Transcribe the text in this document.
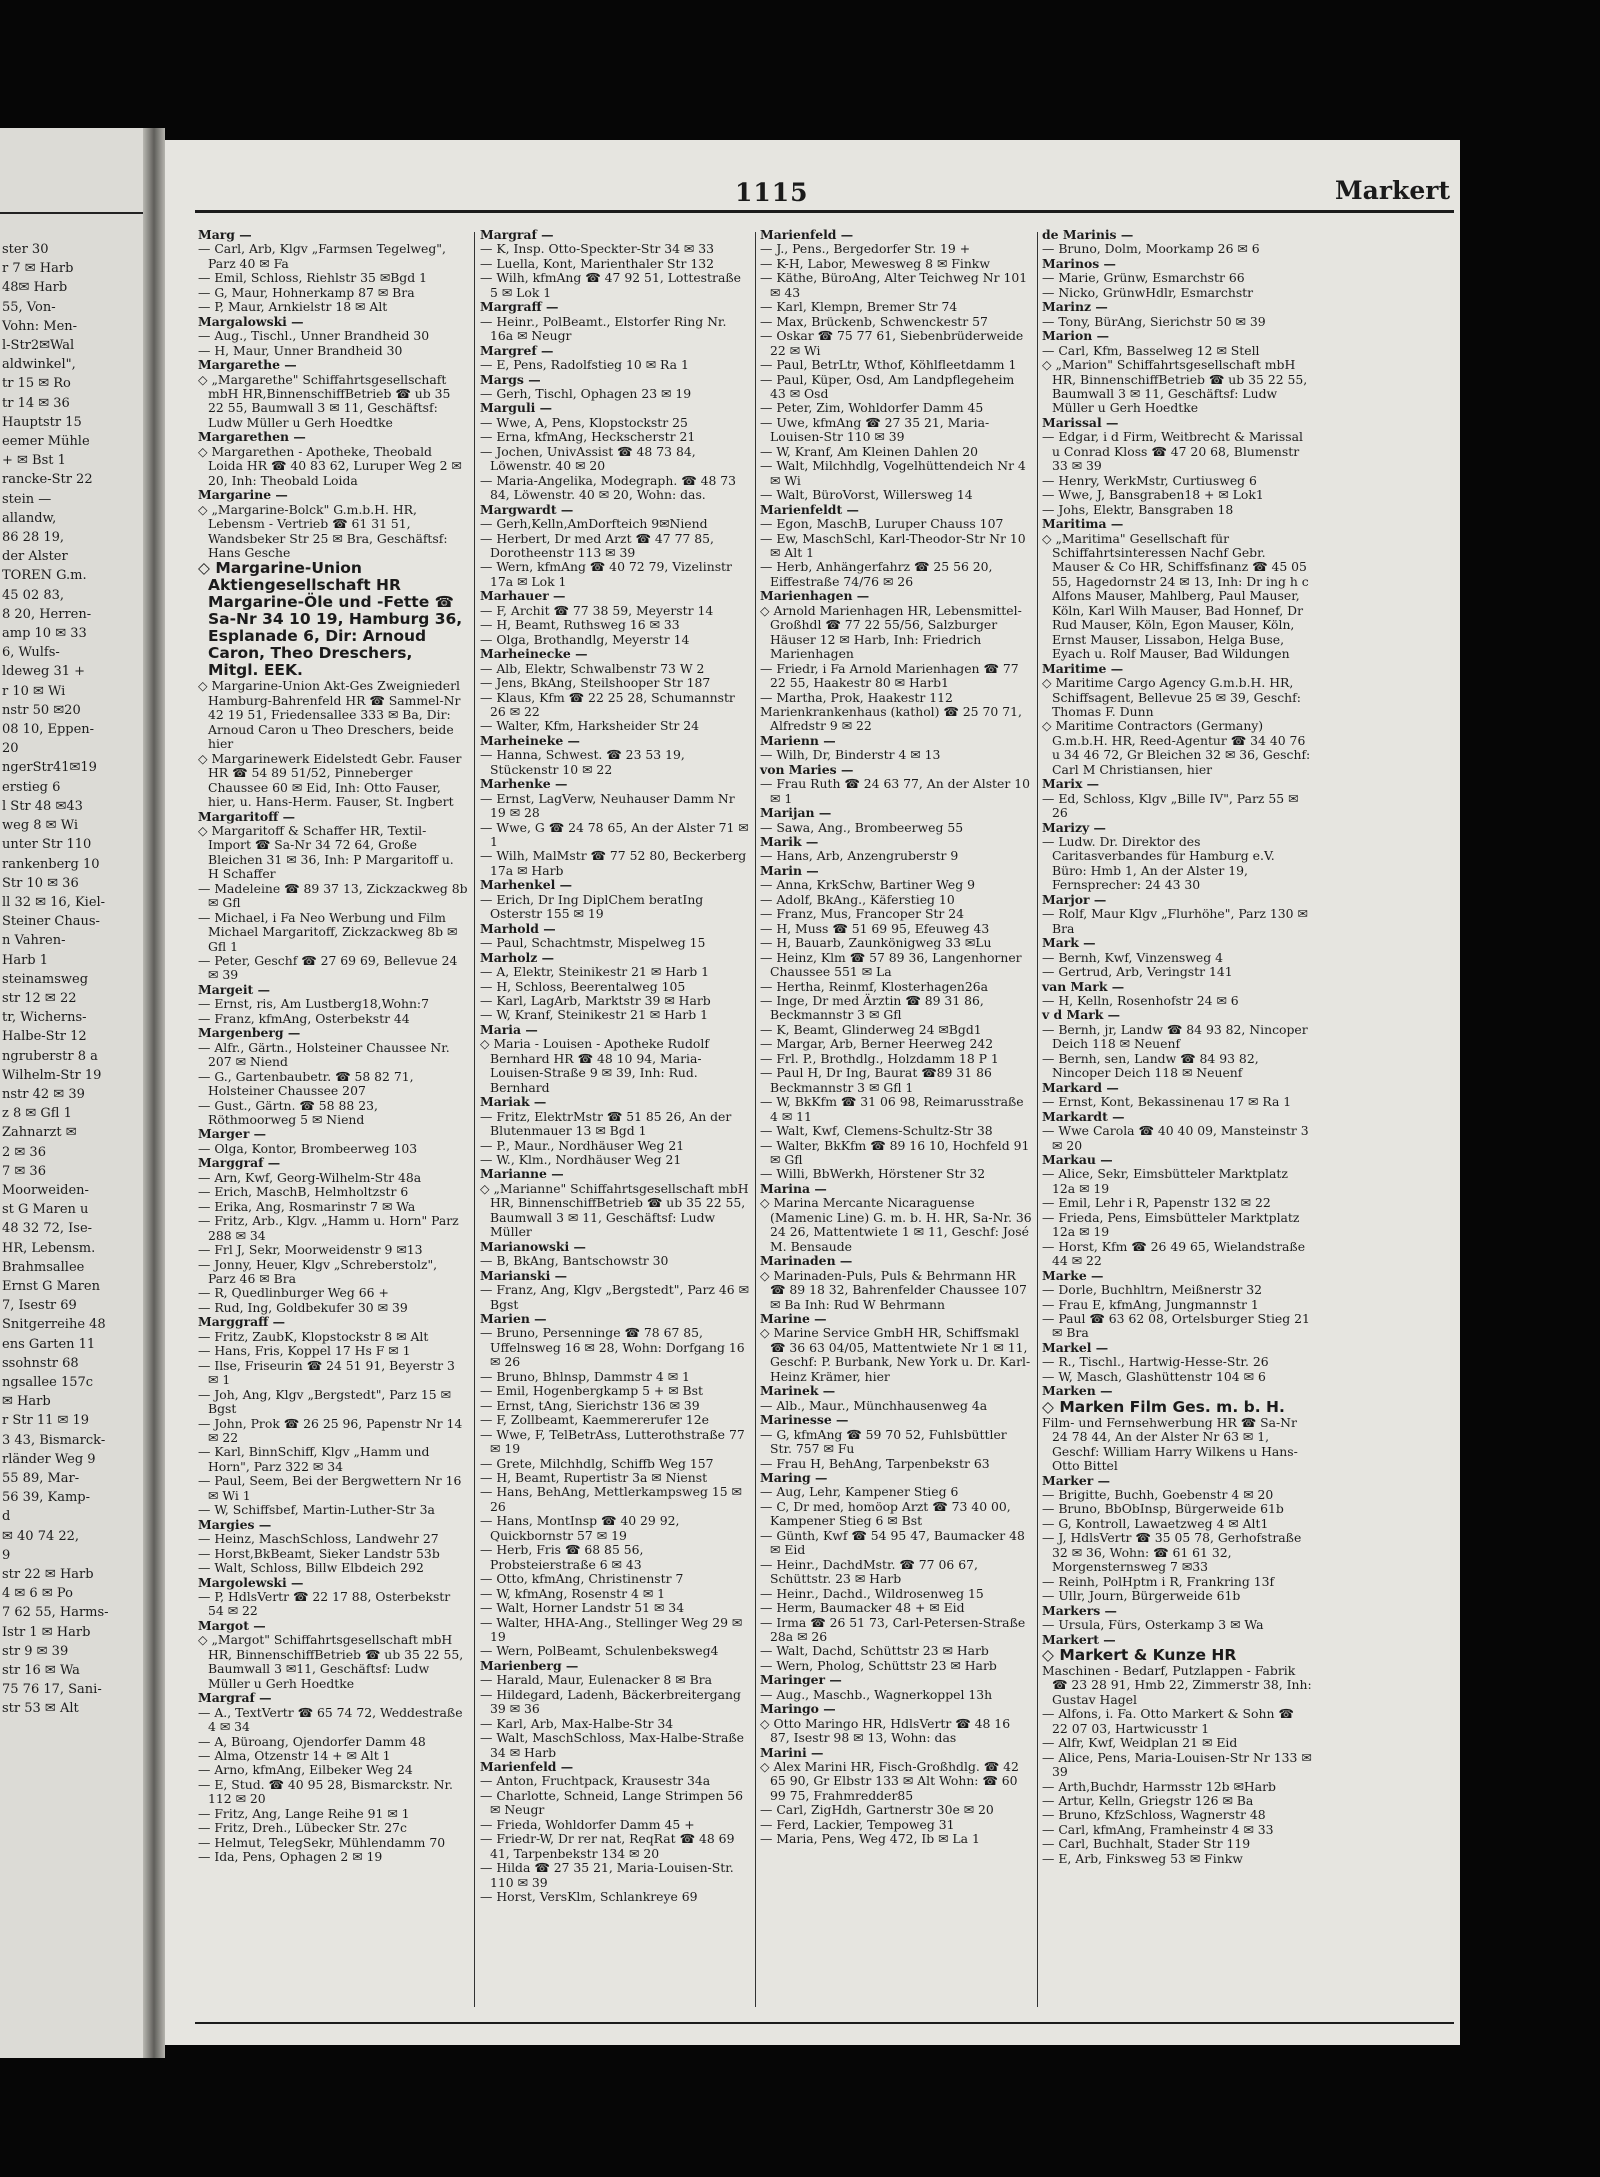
ster 30
r 7 ✉ Harb
48✉ Harb
55, Von-
Vohn: Men-
l-Str2✉Wal
aldwinkel",
tr 15 ✉ Ro
tr 14 ✉ 36
Hauptstr 15
eemer Mühle
+ ✉ Bst 1
rancke-Str 22
stein —
allandw,
86 28 19,
der Alster
TOREN G.m.
45 02 83,
8 20, Herren-
amp 10 ✉ 33
6, Wulfs-
ldeweg 31 +
r 10 ✉ Wi
nstr 50 ✉20
08 10, Eppen-
20
ngerStr41✉19
erstieg 6
l Str 48 ✉43
weg 8 ✉ Wi
unter Str 110
rankenberg 10
Str 10 ✉ 36
ll 32 ✉ 16, Kiel-
Steiner Chaus-
n Vahren-
Harb 1
steinamsweg
str 12 ✉ 22
tr, Wicherns-
Halbe-Str 12
ngruberstr 8 a
Wilhelm-Str 19
nstr 42 ✉ 39
z 8 ✉ Gfl 1
Zahnarzt ✉
2 ✉ 36
7 ✉ 36
Moorweiden-
st G Maren u
48 32 72, Ise-
HR, Lebensm.
Brahmsallee
Ernst G Maren
7, Isestr 69
Snitgerreihe 48
ens Garten 11
ssohnstr 68
ngsallee 157c
✉ Harb
r Str 11 ✉ 19
3 43, Bismarck-
rländer Weg 9
55 89, Mar-
56 39, Kamp-
d
✉ 40 74 22,
9
str 22 ✉ Harb
4 ✉ 6 ✉ Po
7 62 55, Harms-
Istr 1 ✉ Harb
str 9 ✉ 39
str 16 ✉ Wa
75 76 17, Sani-
str 53 ✉ Alt
1115	Markert
Marg —
— Carl, Arb, Klgv „Farmsen Tegelweg", Parz 40 ✉ Fa
— Emil, Schloss, Riehlstr 35 ✉Bgd 1
— G, Maur, Hohnerkamp 87 ✉ Bra
— P, Maur, Arnkielstr 18 ✉ Alt
Margalowski —
— Aug., Tischl., Unner Brandheid 30
— H, Maur, Unner Brandheid 30
Margarethe —
◇ „Margarethe" Schiffahrtsgesellschaft mbH HR,BinnenschiffBetrieb ☎ ub 35 22 55, Baumwall 3 ✉ 11, Geschäftsf: Ludw Müller u Gerh Hoedtke
Margarethen —
◇ Margarethen - Apotheke, Theobald Loida HR ☎ 40 83 62, Luruper Weg 2 ✉ 20, Inh: Theobald Loida
Margarine —
◇ „Margarine-Bolck" G.m.b.H. HR, Lebensm - Vertrieb ☎ 61 31 51, Wandsbeker Str 25 ✉ Bra, Geschäftsf: Hans Gesche
◇ Margarine-Union Aktiengesellschaft HR Margarine-Öle und -Fette ☎ Sa-Nr 34 10 19, Hamburg 36, Esplanade 6, Dir: Arnoud Caron, Theo Dreschers, Mitgl. EEK.
◇ Margarine-Union Akt-Ges Zweigniederl Hamburg-Bahrenfeld HR ☎ Sammel-Nr 42 19 51, Friedensallee 333 ✉ Ba, Dir: Arnoud Caron u Theo Dreschers, beide hier
◇ Margarinewerk Eidelstedt Gebr. Fauser HR ☎ 54 89 51/52, Pinneberger Chaussee 60 ✉ Eid, Inh: Otto Fauser, hier, u. Hans-Herm. Fauser, St. Ingbert
Margaritoff —
◇ Margaritoff & Schaffer HR, Textil-Import ☎ Sa-Nr 34 72 64, Große Bleichen 31 ✉ 36, Inh: P Margaritoff u. H Schaffer
— Madeleine ☎ 89 37 13, Zickzackweg 8b ✉ Gfl
— Michael, i Fa Neo Werbung und Film Michael Margaritoff, Zickzackweg 8b ✉ Gfl 1
— Peter, Geschf ☎ 27 69 69, Bellevue 24 ✉ 39
Margeit —
— Ernst, ris, Am Lustberg18,Wohn:7
— Franz, kfmAng, Osterbekstr 44
Margenberg —
— Alfr., Gärtn., Holsteiner Chaussee Nr. 207 ✉ Niend
— G., Gartenbaubetr. ☎ 58 82 71, Holsteiner Chaussee 207
— Gust., Gärtn. ☎ 58 88 23, Röthmoorweg 5 ✉ Niend
Marger —
— Olga, Kontor, Brombeerweg 103
Marggraf —
— Arn, Kwf, Georg-Wilhelm-Str 48a
— Erich, MaschB, Helmholtzstr 6
— Erika, Ang, Rosmarinstr 7 ✉ Wa
— Fritz, Arb., Klgv. „Hamm u. Horn" Parz 288 ✉ 34
— Frl J, Sekr, Moorweidenstr 9 ✉13
— Jonny, Heuer, Klgv „Schreberstolz", Parz 46 ✉ Bra
— R, Quedlinburger Weg 66 +
— Rud, Ing, Goldbekufer 30 ✉ 39
Marggraff —
— Fritz, ZaubK, Klopstockstr 8 ✉ Alt
— Hans, Fris, Koppel 17 Hs F ✉ 1
— Ilse, Friseurin ☎ 24 51 91, Beyerstr 3 ✉ 1
— Joh, Ang, Klgv „Bergstedt", Parz 15 ✉ Bgst
— John, Prok ☎ 26 25 96, Papenstr Nr 14 ✉ 22
— Karl, BinnSchiff, Klgv „Hamm und Horn", Parz 322 ✉ 34
— Paul, Seem, Bei der Bergwettern Nr 16 ✉ Wi 1
— W, Schiffsbef, Martin-Luther-Str 3a
Margies —
— Heinz, MaschSchloss, Landwehr 27
— Horst,BkBeamt, Sieker Landstr 53b
— Walt, Schloss, Billw Elbdeich 292
Margolewski —
— P, HdlsVertr ☎ 22 17 88, Osterbekstr 54 ✉ 22
Margot —
◇ „Margot" Schiffahrtsgesellschaft mbH HR, BinnenschiffBetrieb ☎ ub 35 22 55, Baumwall 3 ✉11, Geschäftsf: Ludw Müller u Gerh Hoedtke
Margraf —
— A., TextVertr ☎ 65 74 72, Weddestraße 4 ✉ 34
— A, Büroang, Ojendorfer Damm 48
— Alma, Otzenstr 14 + ✉ Alt 1
— Arno, kfmAng, Eilbeker Weg 24
— E, Stud. ☎ 40 95 28, Bismarckstr. Nr. 112 ✉ 20
— Fritz, Ang, Lange Reihe 91 ✉ 1
— Fritz, Dreh., Lübecker Str. 27c
— Helmut, TelegSekr, Mühlendamm 70
— Ida, Pens, Ophagen 2 ✉ 19
Margraf —
— K, Insp. Otto-Speckter-Str 34 ✉ 33
— Luella, Kont, Marienthaler Str 132
— Wilh, kfmAng ☎ 47 92 51, Lottestraße 5 ✉ Lok 1
Margraff —
— Heinr., PolBeamt., Elstorfer Ring Nr. 16a ✉ Neugr
Margref —
— E, Pens, Radolfstieg 10 ✉ Ra 1
Margs —
— Gerh, Tischl, Ophagen 23 ✉ 19
Marguli —
— Wwe, A, Pens, Klopstockstr 25
— Erna, kfmAng, Heckscherstr 21
— Jochen, UnivAssist ☎ 48 73 84, Löwenstr. 40 ✉ 20
— Maria-Angelika, Modegraph. ☎ 48 73 84, Löwenstr. 40 ✉ 20, Wohn: das.
Margwardt —
— Gerh,Kelln,AmDorfteich 9✉Niend
— Herbert, Dr med Arzt ☎ 47 77 85, Dorotheenstr 113 ✉ 39
— Wern, kfmAng ☎ 40 72 79, Vizelinstr 17a ✉ Lok 1
Marhauer —
— F, Archit ☎ 77 38 59, Meyerstr 14
— H, Beamt, Ruthsweg 16 ✉ 33
— Olga, Brothandlg, Meyerstr 14
Marheinecke —
— Alb, Elektr, Schwalbenstr 73 W 2
— Jens, BkAng, Steilshooper Str 187
— Klaus, Kfm ☎ 22 25 28, Schumannstr 26 ✉ 22
— Walter, Kfm, Harksheider Str 24
Marheineke —
— Hanna, Schwest. ☎ 23 53 19, Stückenstr 10 ✉ 22
Marhenke —
— Ernst, LagVerw, Neuhauser Damm Nr 19 ✉ 28
— Wwe, G ☎ 24 78 65, An der Alster 71 ✉ 1
— Wilh, MalMstr ☎ 77 52 80, Beckerberg 17a ✉ Harb
Marhenkel —
— Erich, Dr Ing DiplChem beratIng Osterstr 155 ✉ 19
Marhold —
— Paul, Schachtmstr, Mispelweg 15
Marholz —
— A, Elektr, Steinikestr 21 ✉ Harb 1
— H, Schloss, Beerentalweg 105
— Karl, LagArb, Marktstr 39 ✉ Harb
— W, Kranf, Steinikestr 21 ✉ Harb 1
Maria —
◇ Maria - Louisen - Apotheke Rudolf Bernhard HR ☎ 48 10 94, Maria-Louisen-Straße 9 ✉ 39, Inh: Rud. Bernhard
Mariak —
— Fritz, ElektrMstr ☎ 51 85 26, An der Blutenmauer 13 ✉ Bgd 1
— P., Maur., Nordhäuser Weg 21
— W., Klm., Nordhäuser Weg 21
Marianne —
◇ „Marianne" Schiffahrtsgesellschaft mbH HR, BinnenschiffBetrieb ☎ ub 35 22 55, Baumwall 3 ✉ 11, Geschäftsf: Ludw Müller
Marianowski —
— B, BkAng, Bantschowstr 30
Marianski —
— Franz, Ang, Klgv „Bergstedt", Parz 46 ✉ Bgst
Marien —
— Bruno, Persenninge ☎ 78 67 85, Uffelnsweg 16 ✉ 28, Wohn: Dorfgang 16 ✉ 26
— Bruno, Bhlnsp, Dammstr 4 ✉ 1
— Emil, Hogenbergkamp 5 + ✉ Bst
— Ernst, tAng, Sierichstr 136 ✉ 39
— F, Zollbeamt, Kaemmererufer 12e
— Wwe, F, TelBetrAss, Lutterothstraße 77 ✉ 19
— Grete, Milchhdlg, Schiffb Weg 157
— H, Beamt, Rupertistr 3a ✉ Nienst
— Hans, BehAng, Mettlerkampsweg 15 ✉ 26
— Hans, MontInsp ☎ 40 29 92, Quickbornstr 57 ✉ 19
— Herb, Fris ☎ 68 85 56, Probsteierstraße 6 ✉ 43
— Otto, kfmAng, Christinenstr 7
— W, kfmAng, Rosenstr 4 ✉ 1
— Walt, Horner Landstr 51 ✉ 34
— Walter, HHA-Ang., Stellinger Weg 29 ✉ 19
— Wern, PolBeamt, Schulenbeksweg4
Marienberg —
— Harald, Maur, Eulenacker 8 ✉ Bra
— Hildegard, Ladenh, Bäckerbreitergang 39 ✉ 36
— Karl, Arb, Max-Halbe-Str 34
— Walt, MaschSchloss, Max-Halbe-Straße 34 ✉ Harb
Marienfeld —
— Anton, Fruchtpack, Krausestr 34a
— Charlotte, Schneid, Lange Strimpen 56 ✉ Neugr
— Frieda, Wohldorfer Damm 45 +
— Friedr-W, Dr rer nat, ReqRat ☎ 48 69 41, Tarpenbekstr 134 ✉ 20
— Hilda ☎ 27 35 21, Maria-Louisen-Str. 110 ✉ 39
— Horst, VersKlm, Schlankreye 69
Marienfeld —
— J., Pens., Bergedorfer Str. 19 +
— K-H, Labor, Mewesweg 8 ✉ Finkw
— Käthe, BüroAng, Alter Teichweg Nr 101 ✉ 43
— Karl, Klempn, Bremer Str 74
— Max, Brückenb, Schwenckestr 57
— Oskar ☎ 75 77 61, Siebenbrüderweide 22 ✉ Wi
— Paul, BetrLtr, Wthof, Köhlfleetdamm 1
— Paul, Küper, Osd, Am Landpflegeheim 43 ✉ Osd
— Peter, Zim, Wohldorfer Damm 45
— Uwe, kfmAng ☎ 27 35 21, Maria-Louisen-Str 110 ✉ 39
— W, Kranf, Am Kleinen Dahlen 20
— Walt, Milchhdlg, Vogelhüttendeich Nr 4 ✉ Wi
— Walt, BüroVorst, Willersweg 14
Marienfeldt —
— Egon, MaschB, Luruper Chauss 107
— Ew, MaschSchl, Karl-Theodor-Str Nr 10 ✉ Alt 1
— Herb, Anhängerfahrz ☎ 25 56 20, Eiffestraße 74/76 ✉ 26
Marienhagen —
◇ Arnold Marienhagen HR, Lebensmittel-Großhdl ☎ 77 22 55/56, Salzburger Häuser 12 ✉ Harb, Inh: Friedrich Marienhagen
— Friedr, i Fa Arnold Marienhagen ☎ 77 22 55, Haakestr 80 ✉ Harb1
— Martha, Prok, Haakestr 112
Marienkrankenhaus (kathol) ☎ 25 70 71, Alfredstr 9 ✉ 22
Marienn —
— Wilh, Dr, Binderstr 4 ✉ 13
von Maries —
— Frau Ruth ☎ 24 63 77, An der Alster 10 ✉ 1
Marijan —
— Sawa, Ang., Brombeerweg 55
Marik —
— Hans, Arb, Anzengruberstr 9
Marin —
— Anna, KrkSchw, Bartiner Weg 9
— Adolf, BkAng., Käferstieg 10
— Franz, Mus, Francoper Str 24
— H, Muss ☎ 51 69 95, Efeuweg 43
— H, Bauarb, Zaunkönigweg 33 ✉Lu
— Heinz, Klm ☎ 57 89 36, Langenhorner Chaussee 551 ✉ La
— Hertha, Reinmf, Klosterhagen26a
— Inge, Dr med Ärztin ☎ 89 31 86, Beckmannstr 3 ✉ Gfl
— K, Beamt, Glinderweg 24 ✉Bgd1
— Margar, Arb, Berner Heerweg 242
— Frl. P., Brothdlg., Holzdamm 18 P 1
— Paul H, Dr Ing, Baurat ☎89 31 86 Beckmannstr 3 ✉ Gfl 1
— W, BkKfm ☎ 31 06 98, Reimarusstraße 4 ✉ 11
— Walt, Kwf, Clemens-Schultz-Str 38
— Walter, BkKfm ☎ 89 16 10, Hochfeld 91 ✉ Gfl
— Willi, BbWerkh, Hörstener Str 32
Marina —
◇ Marina Mercante Nicaraguense (Mamenic Line) G. m. b. H. HR, Sa-Nr. 36 24 26, Mattentwiete 1 ✉ 11, Geschf: José M. Bensaude
Marinaden —
◇ Marinaden-Puls, Puls & Behrmann HR ☎ 89 18 32, Bahrenfelder Chaussee 107 ✉ Ba Inh: Rud W Behrmann
Marine —
◇ Marine Service GmbH HR, Schiffsmakl ☎ 36 63 04/05, Mattentwiete Nr 1 ✉ 11, Geschf: P. Burbank, New York u. Dr. Karl-Heinz Krämer, hier
Marinek —
— Alb., Maur., Münchhausenweg 4a
Marinesse —
— G, kfmAng ☎ 59 70 52, Fuhlsbüttler Str. 757 ✉ Fu
— Frau H, BehAng, Tarpenbekstr 63
Maring —
— Aug, Lehr, Kampener Stieg 6
— C, Dr med, homöop Arzt ☎ 73 40 00, Kampener Stieg 6 ✉ Bst
— Günth, Kwf ☎ 54 95 47, Baumacker 48 ✉ Eid
— Heinr., DachdMstr. ☎ 77 06 67, Schüttstr. 23 ✉ Harb
— Heinr., Dachd., Wildrosenweg 15
— Herm, Baumacker 48 + ✉ Eid
— Irma ☎ 26 51 73, Carl-Petersen-Straße 28a ✉ 26
— Walt, Dachd, Schüttstr 23 ✉ Harb
— Wern, Pholog, Schüttstr 23 ✉ Harb
Maringer —
— Aug., Maschb., Wagnerkoppel 13h
Maringo —
◇ Otto Maringo HR, HdlsVertr ☎ 48 16 87, Isestr 98 ✉ 13, Wohn: das
Marini —
◇ Alex Marini HR, Fisch-Großhdlg. ☎ 42 65 90, Gr Elbstr 133 ✉ Alt Wohn: ☎ 60 99 75, Frahmredder85
— Carl, ZigHdh, Gartnerstr 30e ✉ 20
— Ferd, Lackier, Tempoweg 31
— Maria, Pens, Weg 472, Ib ✉ La 1
de Marinis —
— Bruno, Dolm, Moorkamp 26 ✉ 6
Marinos —
— Marie, Grünw, Esmarchstr 66
— Nicko, GrünwHdlr, Esmarchstr
Marinz —
— Tony, BürAng, Sierichstr 50 ✉ 39
Marion —
— Carl, Kfm, Basselweg 12 ✉ Stell
◇ „Marion" Schiffahrtsgesellschaft mbH HR, BinnenschiffBetrieb ☎ ub 35 22 55, Baumwall 3 ✉ 11, Geschäftsf: Ludw Müller u Gerh Hoedtke
Marissal —
— Edgar, i d Firm, Weitbrecht & Marissal u Conrad Kloss ☎ 47 20 68, Blumenstr 33 ✉ 39
— Henry, WerkMstr, Curtiusweg 6
— Wwe, J, Bansgraben18 + ✉ Lok1
— Johs, Elektr, Bansgraben 18
Maritima —
◇ „Maritima" Gesellschaft für Schiffahrtsinteressen Nachf Gebr. Mauser & Co HR, Schiffsfinanz ☎ 45 05 55, Hagedornstr 24 ✉ 13, Inh: Dr ing h c Alfons Mauser, Mahlberg, Paul Mauser, Köln, Karl Wilh Mauser, Bad Honnef, Dr Rud Mauser, Köln, Egon Mauser, Köln, Ernst Mauser, Lissabon, Helga Buse, Eyach u. Rolf Mauser, Bad Wildungen
Maritime —
◇ Maritime Cargo Agency G.m.b.H. HR, Schiffsagent, Bellevue 25 ✉ 39, Geschf: Thomas F. Dunn
◇ Maritime Contractors (Germany) G.m.b.H. HR, Reed-Agentur ☎ 34 40 76 u 34 46 72, Gr Bleichen 32 ✉ 36, Geschf: Carl M Christiansen, hier
Marix —
— Ed, Schloss, Klgv „Bille IV", Parz 55 ✉ 26
Marizy —
— Ludw. Dr. Direktor des Caritasverbandes für Hamburg e.V. Büro: Hmb 1, An der Alster 19, Fernsprecher: 24 43 30
Marjor —
— Rolf, Maur Klgv „Flurhöhe", Parz 130 ✉ Bra
Mark —
— Bernh, Kwf, Vinzensweg 4
— Gertrud, Arb, Veringstr 141
van Mark —
— H, Kelln, Rosenhofstr 24 ✉ 6
v d Mark —
— Bernh, jr, Landw ☎ 84 93 82, Nincoper Deich 118 ✉ Neuenf
— Bernh, sen, Landw ☎ 84 93 82, Nincoper Deich 118 ✉ Neuenf
Markard —
— Ernst, Kont, Bekassinenau 17 ✉ Ra 1
Markardt —
— Wwe Carola ☎ 40 40 09, Mansteinstr 3 ✉ 20
Markau —
— Alice, Sekr, Eimsbütteler Marktplatz 12a ✉ 19
— Emil, Lehr i R, Papenstr 132 ✉ 22
— Frieda, Pens, Eimsbütteler Marktplatz 12a ✉ 19
— Horst, Kfm ☎ 26 49 65, Wielandstraße 44 ✉ 22
Marke —
— Dorle, Buchhltrn, Meißnerstr 32
— Frau E, kfmAng, Jungmannstr 1
— Paul ☎ 63 62 08, Ortelsburger Stieg 21 ✉ Bra
Markel —
— R., Tischl., Hartwig-Hesse-Str. 26
— W, Masch, Glashüttenstr 104 ✉ 6
Marken —
◇ Marken Film Ges. m. b. H.
Film- und Fernsehwerbung HR ☎ Sa-Nr 24 78 44, An der Alster Nr 63 ✉ 1, Geschf: William Harry Wilkens u Hans-Otto Bittel
Marker —
— Brigitte, Buchh, Goebenstr 4 ✉ 20
— Bruno, BbObInsp, Bürgerweide 61b
— G, Kontroll, Lawaetzweg 4 ✉ Alt1
— J, HdlsVertr ☎ 35 05 78, Gerhofstraße 32 ✉ 36, Wohn: ☎ 61 61 32, Morgensternsweg 7 ✉33
— Reinh, PolHptm i R, Frankring 13f
— Ullr, Journ, Bürgerweide 61b
Markers —
— Ursula, Fürs, Osterkamp 3 ✉ Wa
Markert —
◇ Markert & Kunze HR
Maschinen - Bedarf, Putzlappen - Fabrik ☎ 23 28 91, Hmb 22, Zimmerstr 38, Inh: Gustav Hagel
— Alfons, i. Fa. Otto Markert & Sohn ☎ 22 07 03, Hartwicusstr 1
— Alfr, Kwf, Weidplan 21 ✉ Eid
— Alice, Pens, Maria-Louisen-Str Nr 133 ✉ 39
— Arth,Buchdr, Harmsstr 12b ✉Harb
— Artur, Kelln, Griegstr 126 ✉ Ba
— Bruno, KfzSchloss, Wagnerstr 48
— Carl, kfmAng, Framheinstr 4 ✉ 33
— Carl, Buchhalt, Stader Str 119
— E, Arb, Finksweg 53 ✉ Finkw
